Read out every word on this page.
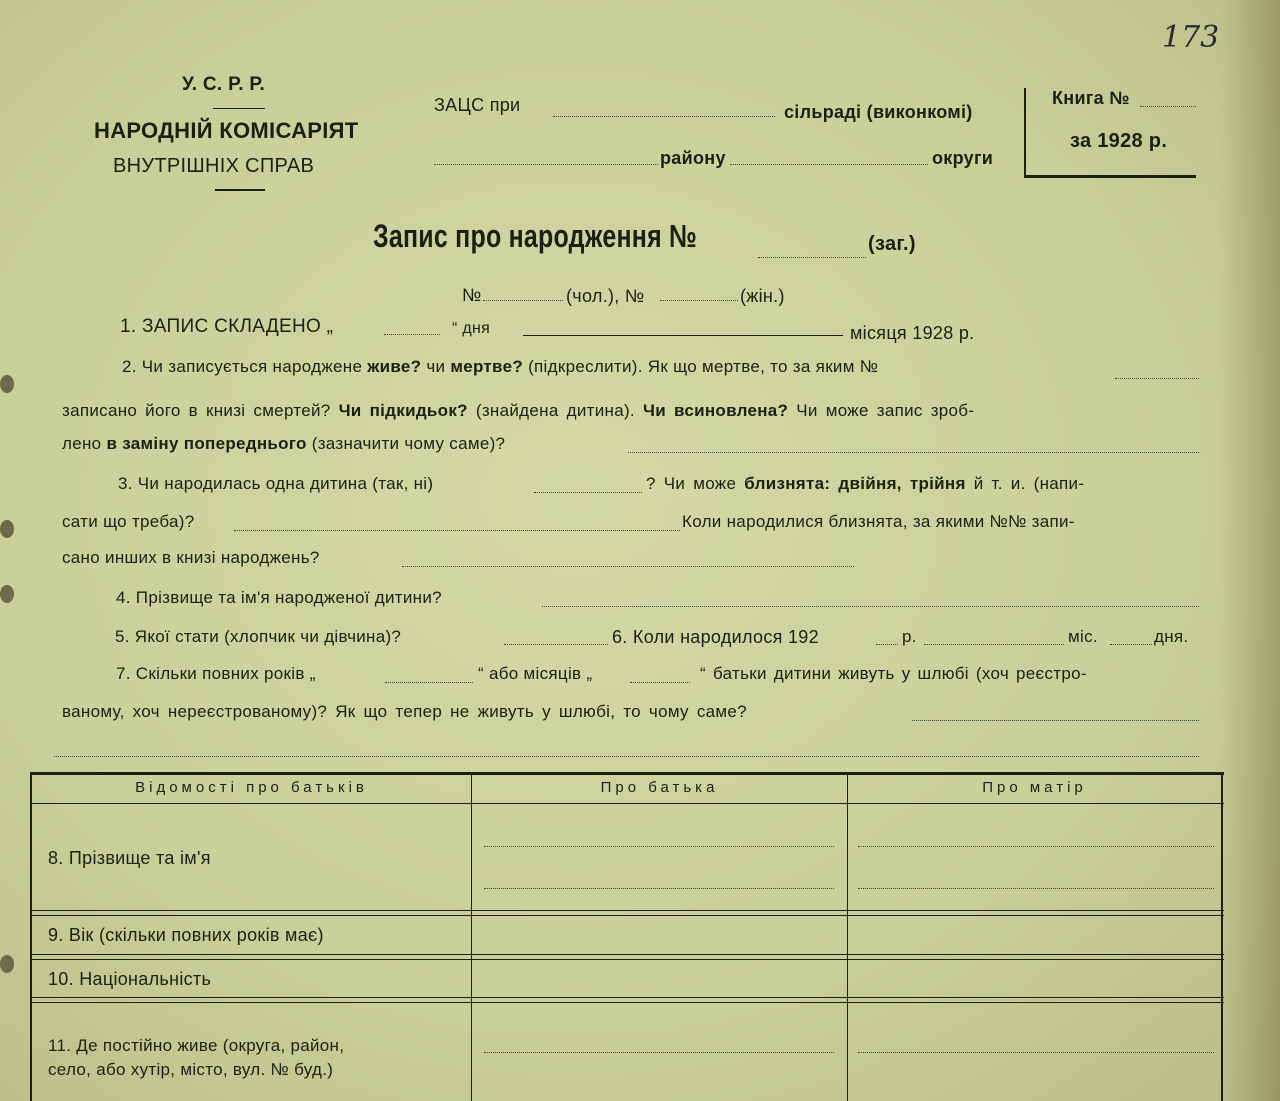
173
У. С. Р. Р.
НАРОДНІЙ КОМІСАРІЯТ
ВНУТРІШНІХ СПРАВ
ЗАЦС при	сільраді (виконкомі)
району	округи
Книга №
за 1928 р.
Запис про народження №	(заг.)
№	(чол.), №	(жін.)
1. ЗАПИС СКЛАДЕНО „	“ дня	місяця 1928 р.
2. Чи записується народжене живе? чи мертве? (підкреслити). Як що мертве, то за яким №
записано його в книзі смертей? Чи підкидьок? (знайдена дитина). Чи всиновлена? Чи може запис зроб-
лено в заміну попереднього (зазначити чому саме)?
3. Чи народилась одна дитина (так, ні)	? Чи може близнята: двійня, трійня й т. и. (напи-
сати що треба)?	Коли народилися близнята, за якими №№ запи-
сано инших в книзі народжень?
4. Прізвище та ім'я народженої дитини?
5. Якої стати (хлопчик чи дівчина)?	6. Коли народилося 192	р.	міс.	дня.
7. Скільки повних років „	“ або місяців „	“ батьки дитини живуть у шлюбі (хоч реєстро-
ваному, хоч нереєстрованому)? Як що тепер не живуть у шлюбі, то чому саме?
Відомості про батьків	Про батька	Про матір
8. Прізвище та ім'я
9. Вік (скільки повних років має)
10. Національність
11. Де постійно живе (округа, район,
село, або хутір, місто, вул. № буд.)
